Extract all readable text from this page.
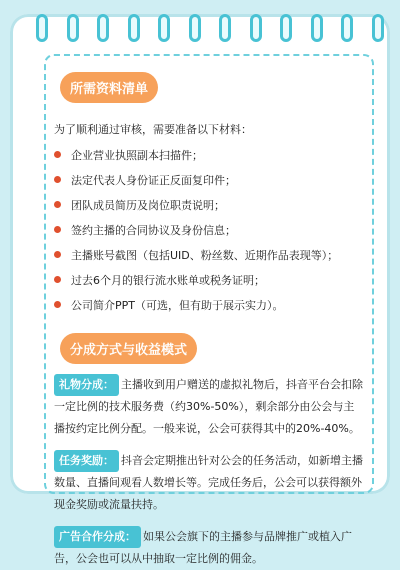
所需资料清单
为了顺利通过审核，需要准备以下材料：
企业营业执照副本扫描件；
法定代表人身份证正反面复印件；
团队成员简历及岗位职责说明；
签约主播的合同协议及身份信息；
主播账号截图（包括UID、粉丝数、近期作品表现等）；
过去6个月的银行流水账单或税务证明；
公司简介PPT（可选，但有助于展示实力）。
分成方式与收益模式

礼物分成： 主播收到用户赠送的虚拟礼物后，抖音平台会扣除一定比例的技术服务费（约30%-50%），剩余部分由公会与主播按约定比例分配。一般来说，公会可获得其中的20%-40%。

任务奖励： 抖音会定期推出针对公会的任务活动，如新增主播数量、直播间观看人数增长等。完成任务后，公会可以获得额外现金奖励或流量扶持。

广告合作分成： 如果公会旗下的主播参与品牌推广或植入广告，公会也可以从中抽取一定比例的佣金。
